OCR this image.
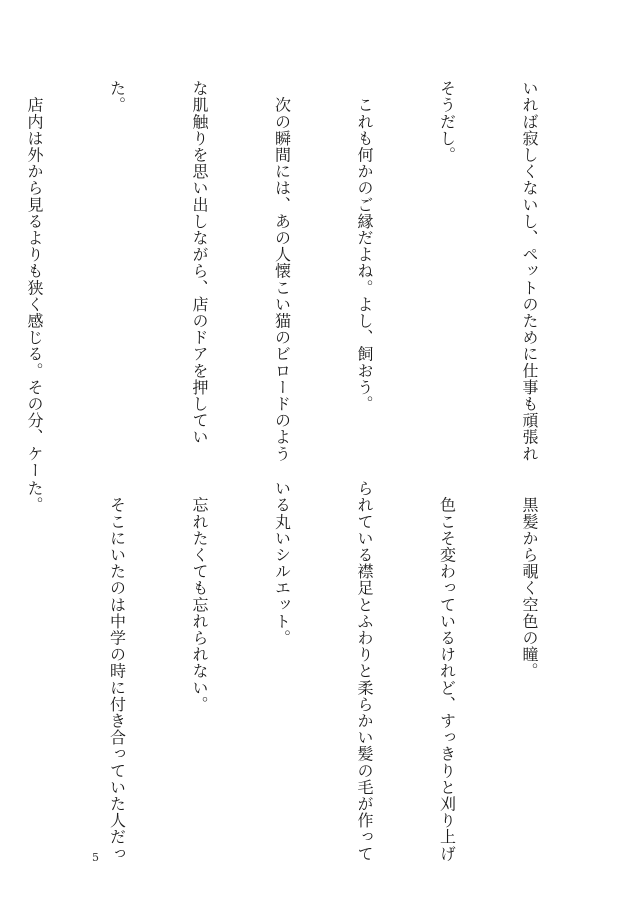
いれば寂しくないし、ペットのために仕事も頑張れ

そうだし。

　これも何かのご縁だよね。よし、飼おう。

　次の瞬間には、あの人懐こい猫のビロードのよう

な肌触りを思い出しながら、店のドアを押してい

た。

　店内は外から見るよりも狭く感じる。その分、ケー

　黒髪から覗く空色の瞳。

　色こそ変わっているけれど、すっきりと刈り上げ

られている襟足とふわりと柔らかい髪の毛が作って

いる丸いシルエット。

　忘れたくても忘れられない。

　そこにいたのは中学の時に付き合っていた人だっ

た。

5
